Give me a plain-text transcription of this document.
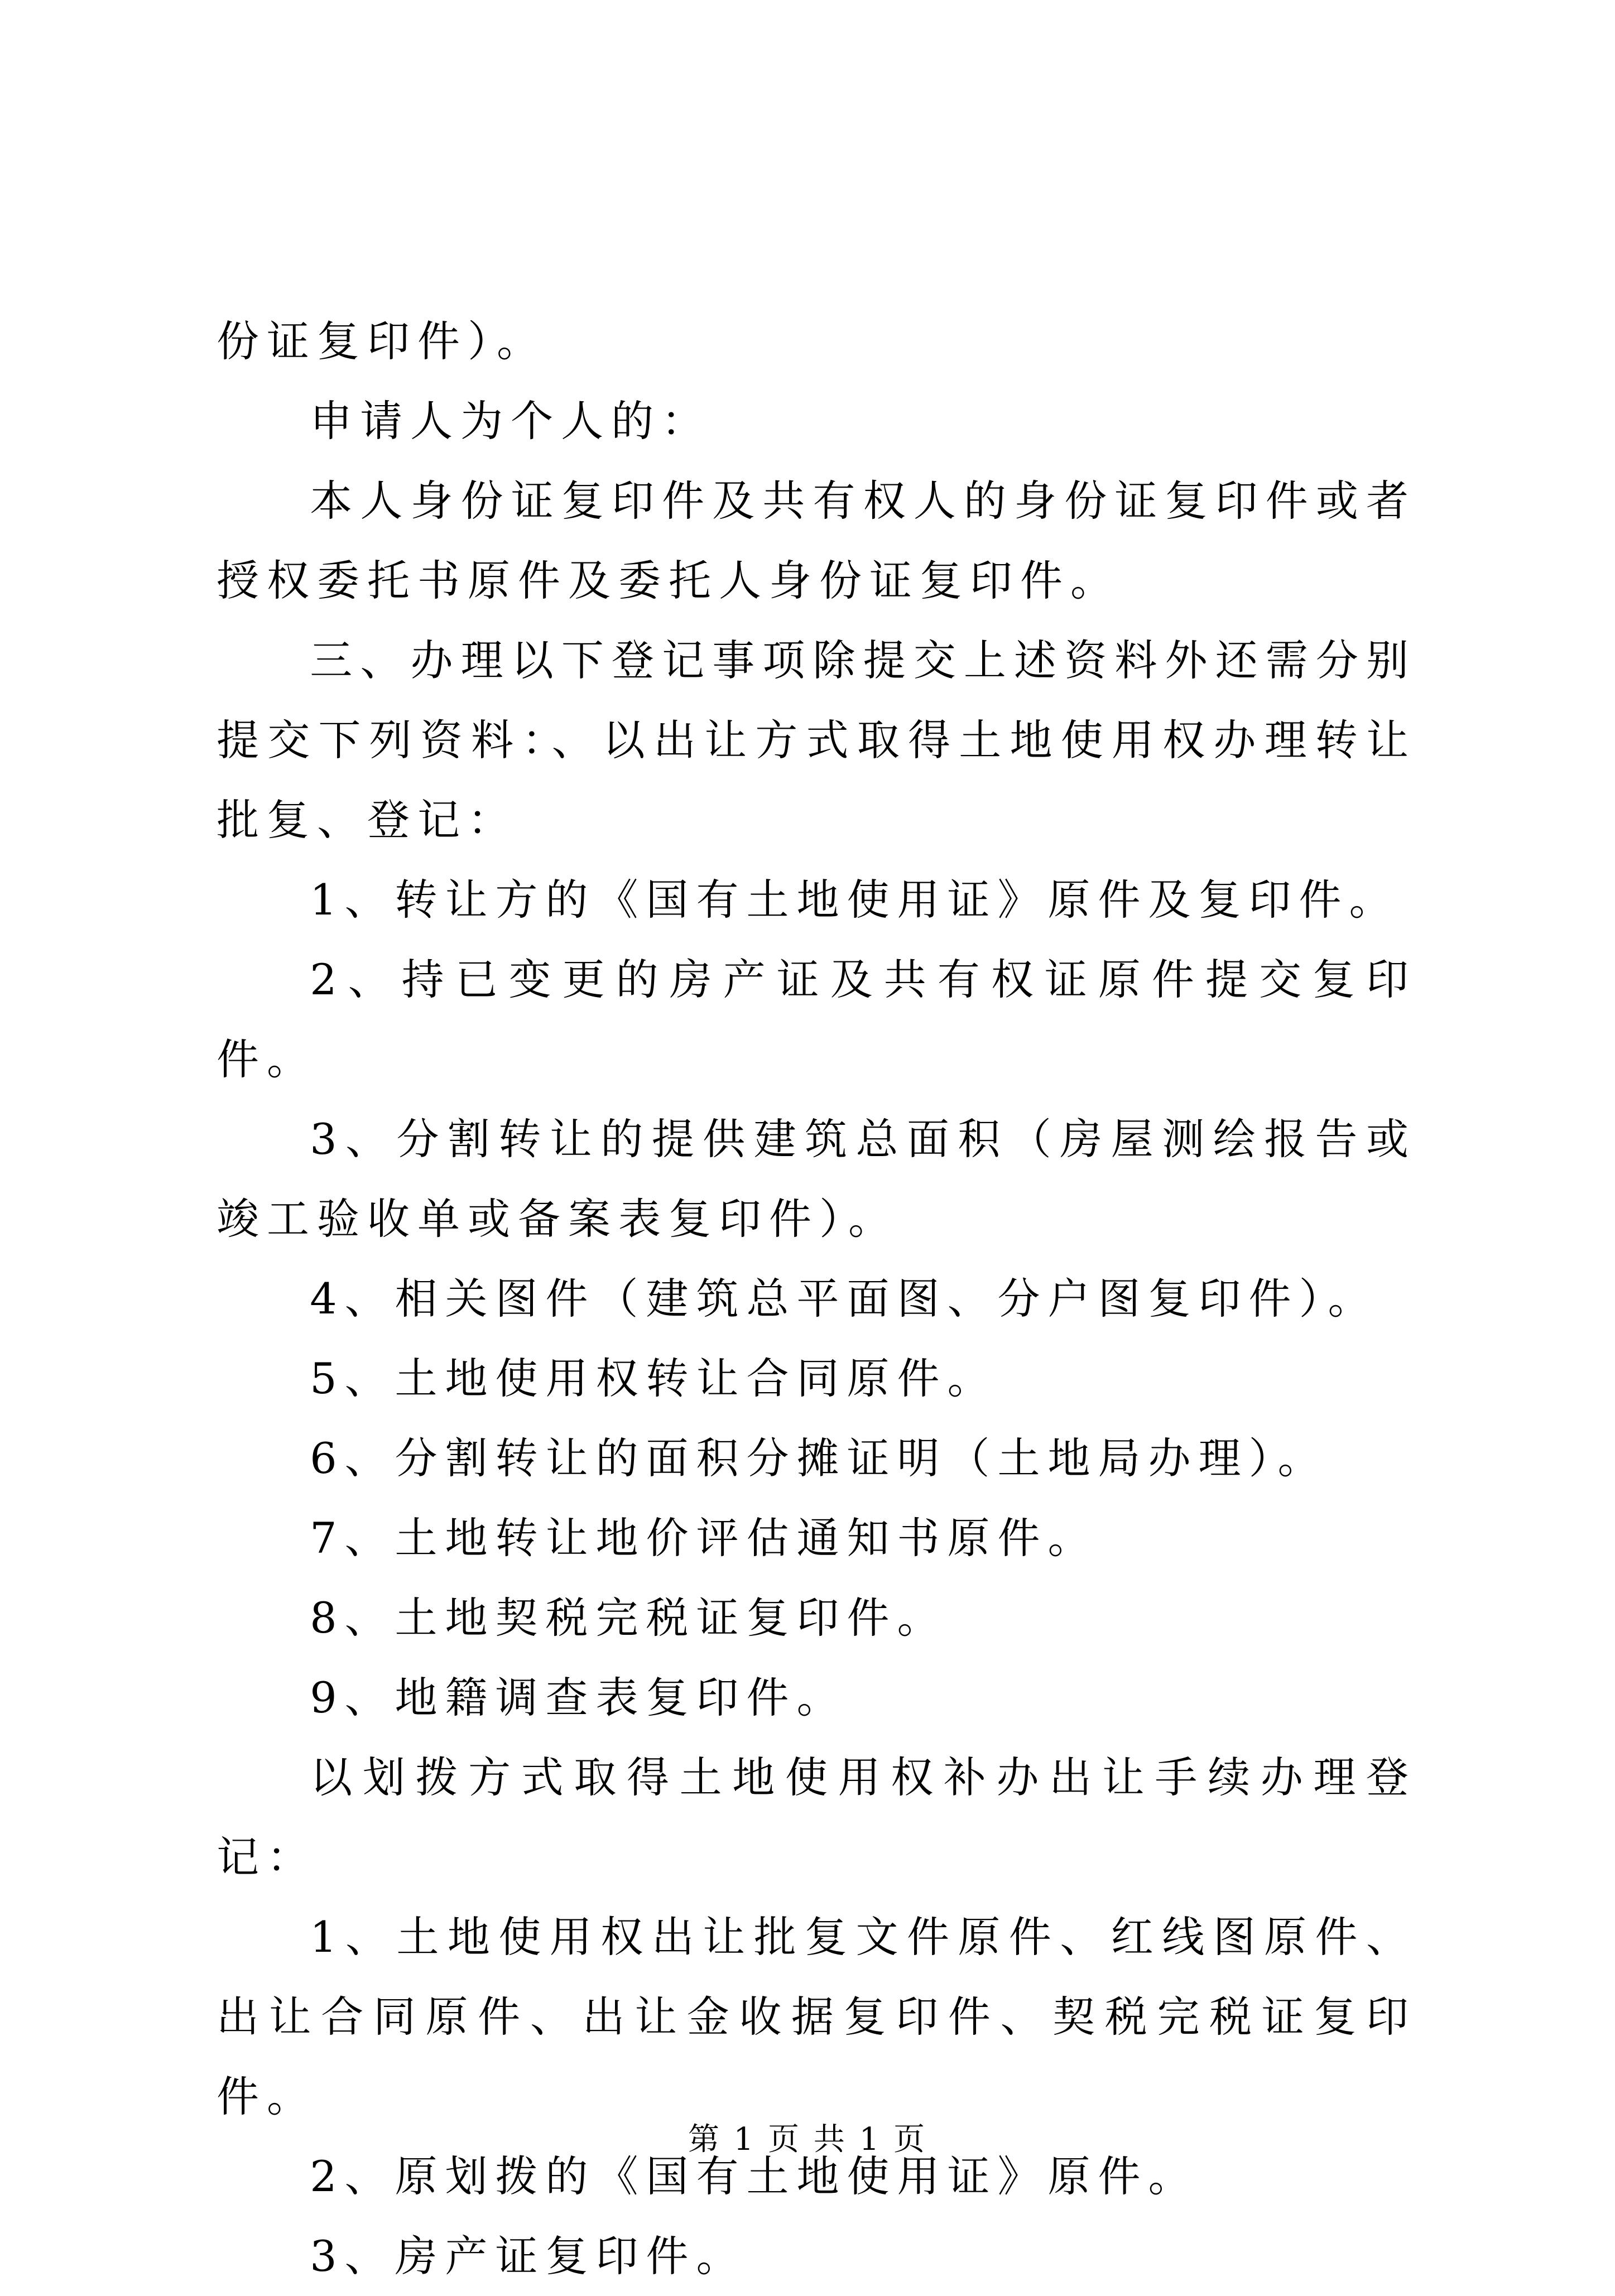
份证复印件）。

申请人为个人的：

本人身份证复印件及共有权人的身份证复印件或者授权委托书原件及委托人身份证复印件。

三、办理以下登记事项除提交上述资料外还需分别提交下列资料：、以出让方式取得土地使用权办理转让批复、登记：

1、转让方的《国有土地使用证》原件及复印件。

2、持已变更的房产证及共有权证原件提交复印件。

3、分割转让的提供建筑总面积（房屋测绘报告或竣工验收单或备案表复印件）。

4、相关图件（建筑总平面图、分户图复印件）。

5、土地使用权转让合同原件。

6、分割转让的面积分摊证明（土地局办理）。

7、土地转让地价评估通知书原件。

8、土地契税完税证复印件。

9、地籍调查表复印件。

以划拨方式取得土地使用权补办出让手续办理登记：

1、土地使用权出让批复文件原件、红线图原件、出让合同原件、出让金收据复印件、契税完税证复印件。

2、原划拨的《国有土地使用证》原件。

3、房产证复印件。

第 1 页 共 1 页
